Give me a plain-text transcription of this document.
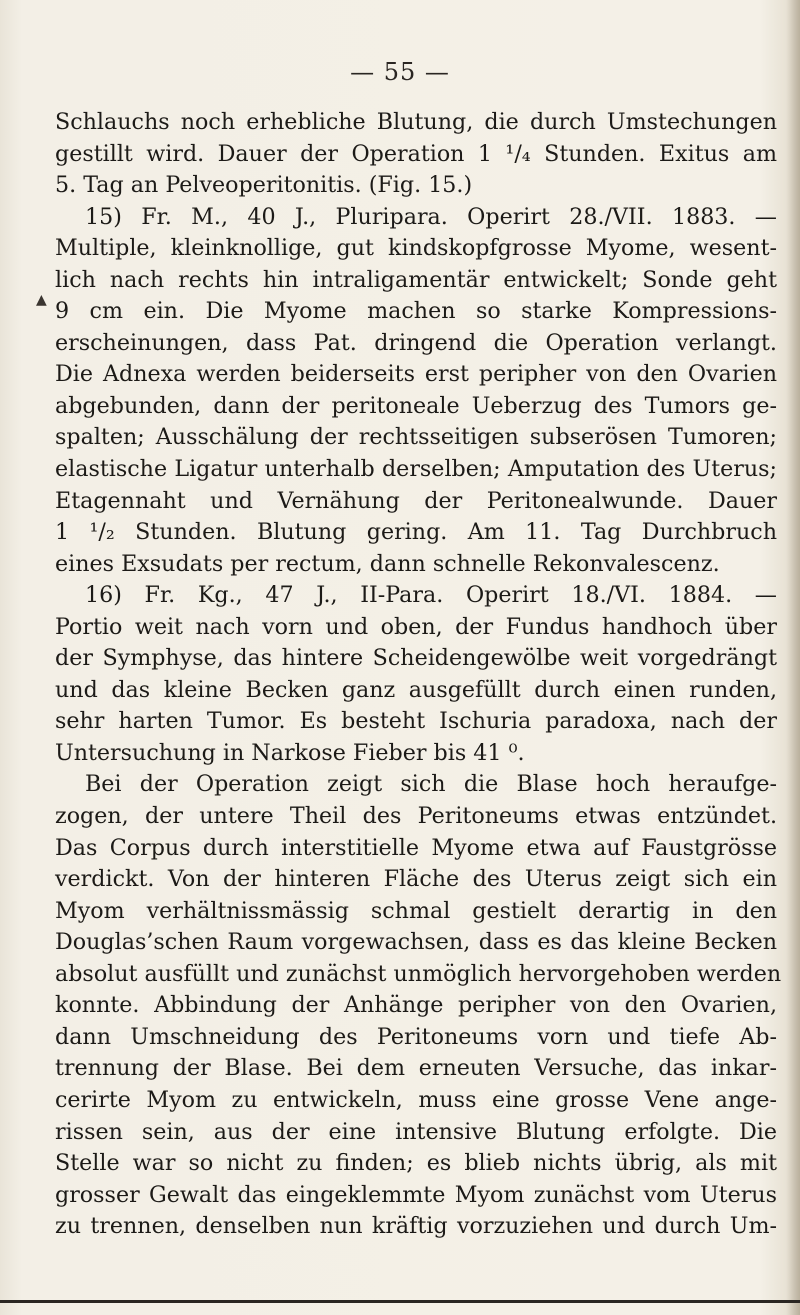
— 55 —
▲
Schlauchs noch erhebliche Blutung, die durch Umstechungen
gestillt wird. Dauer der Operation 1 ¹/₄ Stunden. Exitus am
5. Tag an Pelveoperitonitis. (Fig. 15.)
15) Fr. M., 40 J., Pluripara. Operirt 28./VII. 1883. —
Multiple, kleinknollige, gut kindskopfgrosse Myome, wesent-
lich nach rechts hin intraligamentär entwickelt; Sonde geht
9 cm ein. Die Myome machen so starke Kompressions-
erscheinungen, dass Pat. dringend die Operation verlangt.
Die Adnexa werden beiderseits erst peripher von den Ovarien
abgebunden, dann der peritoneale Ueberzug des Tumors ge-
spalten; Ausschälung der rechtsseitigen subserösen Tumoren;
elastische Ligatur unterhalb derselben; Amputation des Uterus;
Etagennaht und Vernähung der Peritonealwunde. Dauer
1 ¹/₂ Stunden. Blutung gering. Am 11. Tag Durchbruch
eines Exsudats per rectum, dann schnelle Rekonvalescenz.
16) Fr. Kg., 47 J., II-Para. Operirt 18./VI. 1884. —
Portio weit nach vorn und oben, der Fundus handhoch über
der Symphyse, das hintere Scheidengewölbe weit vorgedrängt
und das kleine Becken ganz ausgefüllt durch einen runden,
sehr harten Tumor. Es besteht Ischuria paradoxa, nach der
Untersuchung in Narkose Fieber bis 41 ⁰.
Bei der Operation zeigt sich die Blase hoch heraufge-
zogen, der untere Theil des Peritoneums etwas entzündet.
Das Corpus durch interstitielle Myome etwa auf Faustgrösse
verdickt. Von der hinteren Fläche des Uterus zeigt sich ein
Myom verhältnissmässig schmal gestielt derartig in den
Douglas’schen Raum vorgewachsen, dass es das kleine Becken
absolut ausfüllt und zunächst unmöglich hervorgehoben werden
konnte. Abbindung der Anhänge peripher von den Ovarien,
dann Umschneidung des Peritoneums vorn und tiefe Ab-
trennung der Blase. Bei dem erneuten Versuche, das inkar-
cerirte Myom zu entwickeln, muss eine grosse Vene ange-
rissen sein, aus der eine intensive Blutung erfolgte. Die
Stelle war so nicht zu finden; es blieb nichts übrig, als mit
grosser Gewalt das eingeklemmte Myom zunächst vom Uterus
zu trennen, denselben nun kräftig vorzuziehen und durch Um-
